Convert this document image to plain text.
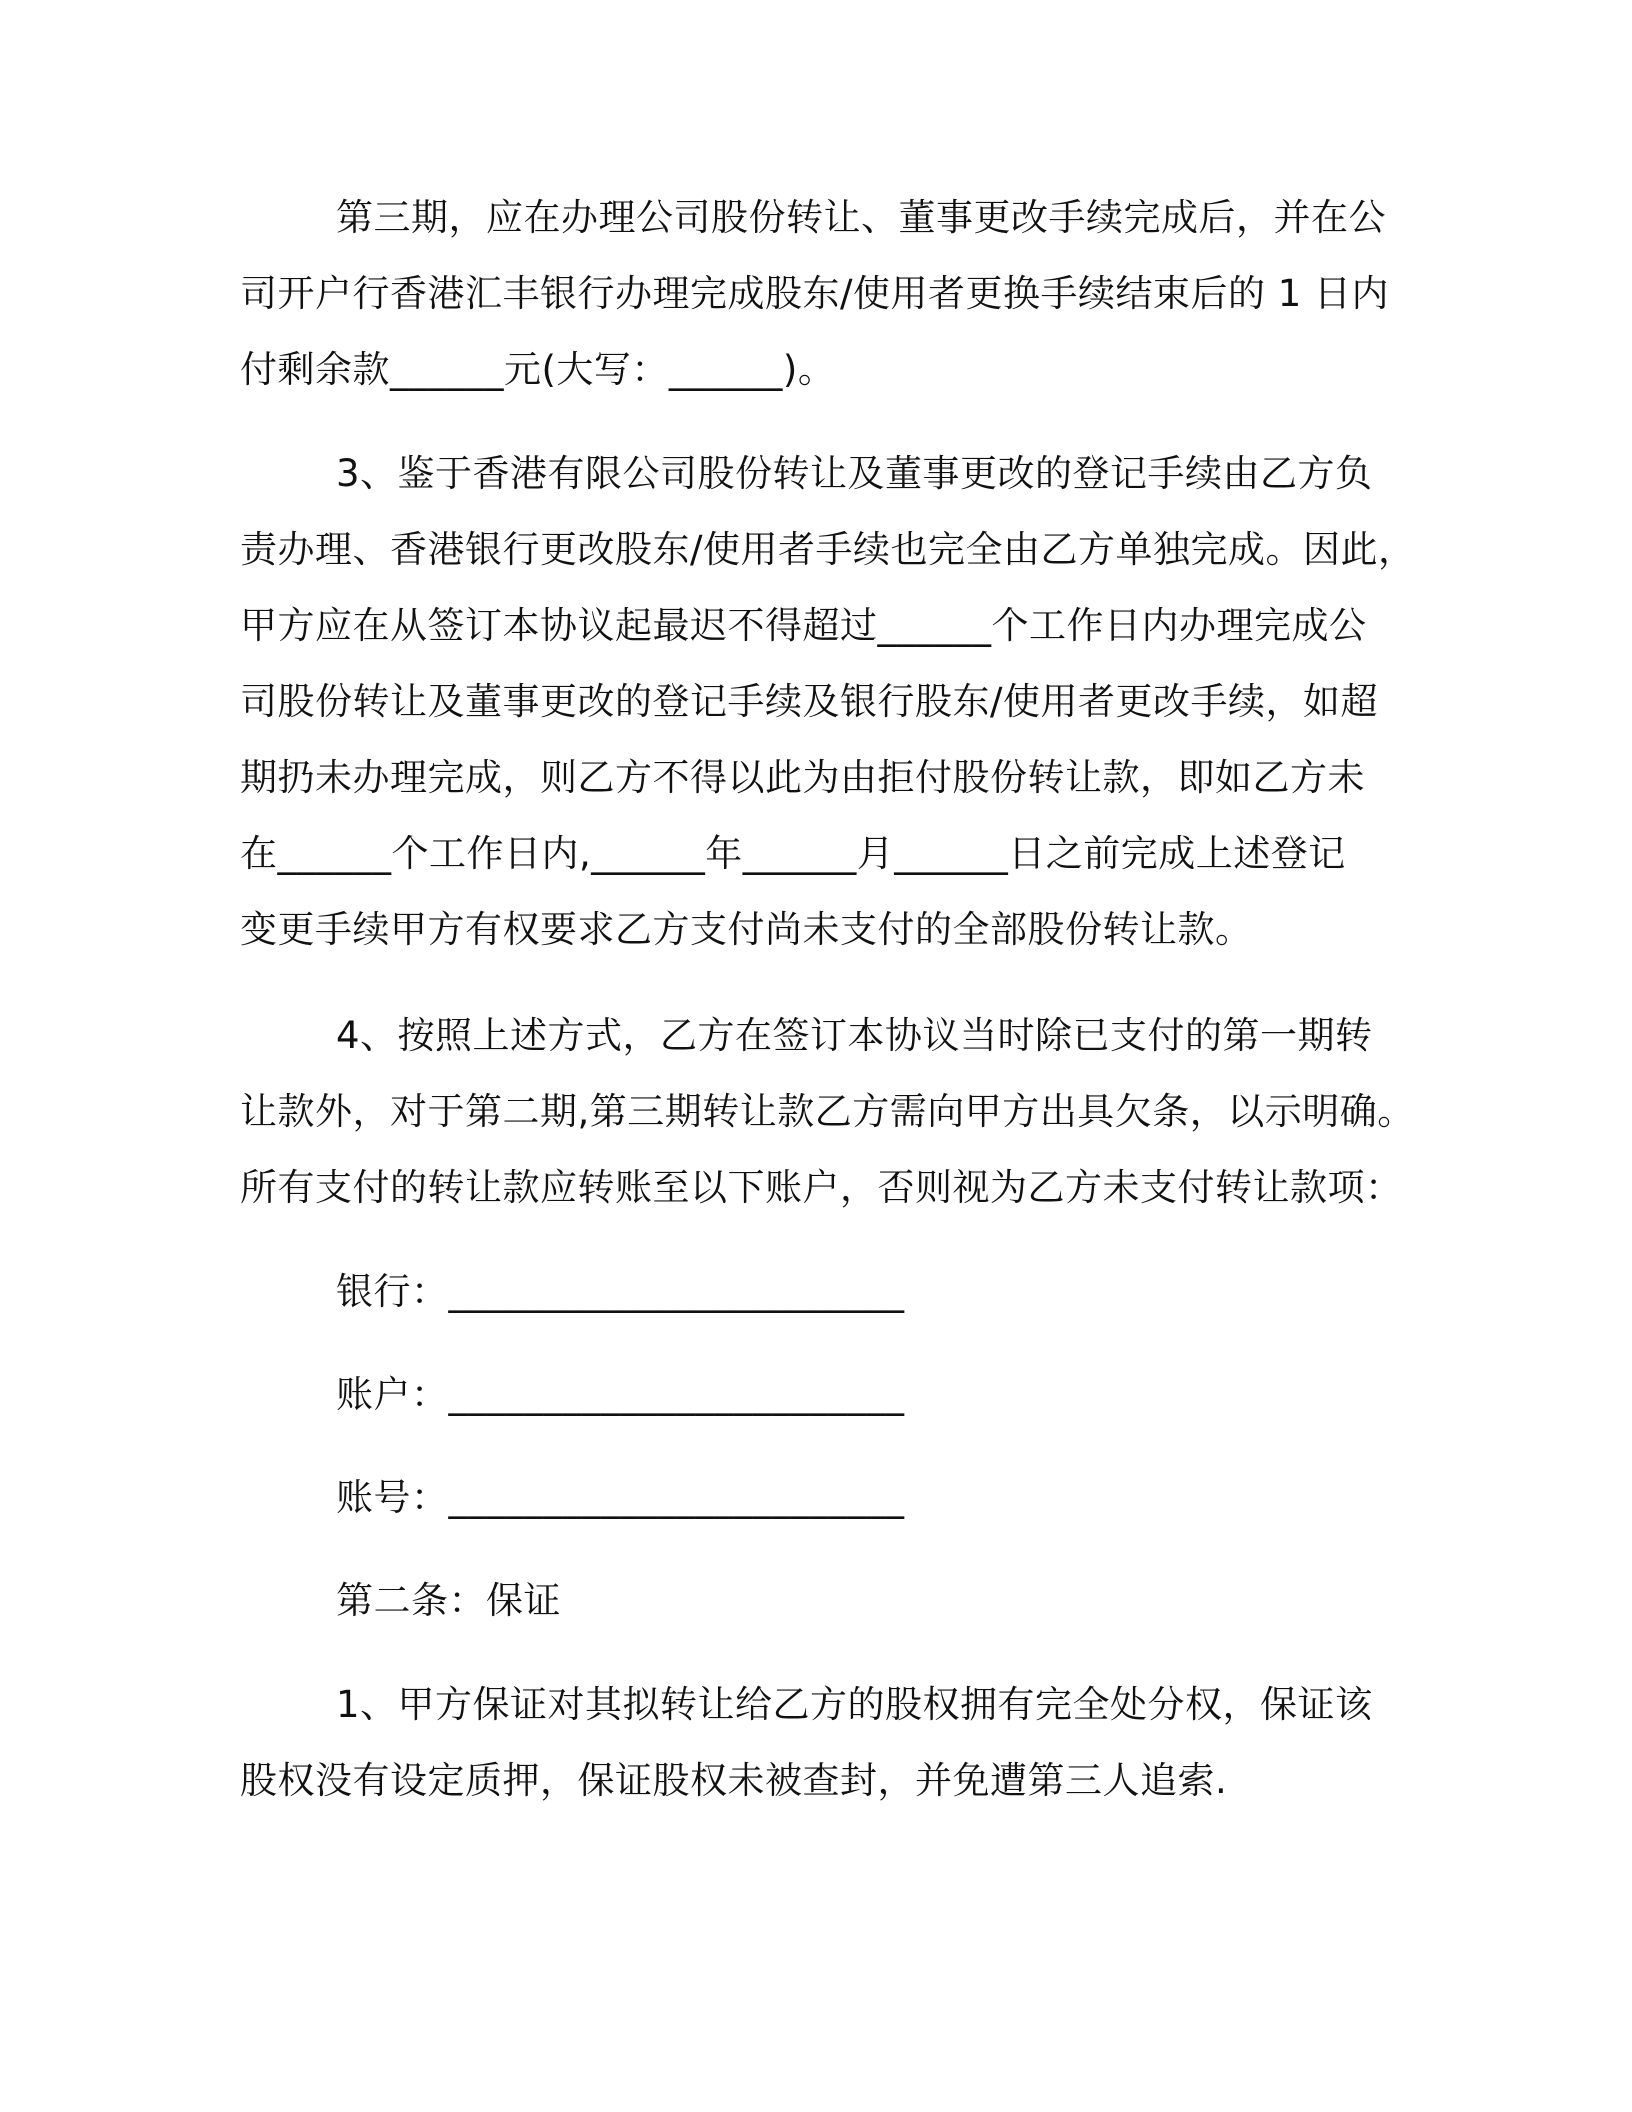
第三期，应在办理公司股份转让、董事更改手续完成后，并在公

司开户行香港汇丰银行办理完成股东/使用者更换手续结束后的 1 日内

付剩余款______元(大写：______)。

3、鉴于香港有限公司股份转让及董事更改的登记手续由乙方负

责办理、香港银行更改股东/使用者手续也完全由乙方单独完成。因此，

甲方应在从签订本协议起最迟不得超过______个工作日内办理完成公

司股份转让及董事更改的登记手续及银行股东/使用者更改手续，如超

期扔未办理完成，则乙方不得以此为由拒付股份转让款，即如乙方未

在______个工作日内,______年______月______日之前完成上述登记

变更手续甲方有权要求乙方支付尚未支付的全部股份转让款。

4、按照上述方式，乙方在签订本协议当时除已支付的第一期转

让款外，对于第二期,第三期转让款乙方需向甲方出具欠条，以示明确。

所有支付的转让款应转账至以下账户，否则视为乙方未支付转让款项：

银行：________________________

账户：________________________

账号：________________________

第二条：保证

1、甲方保证对其拟转让给乙方的股权拥有完全处分权，保证该

股权没有设定质押，保证股权未被查封，并免遭第三人追索.
